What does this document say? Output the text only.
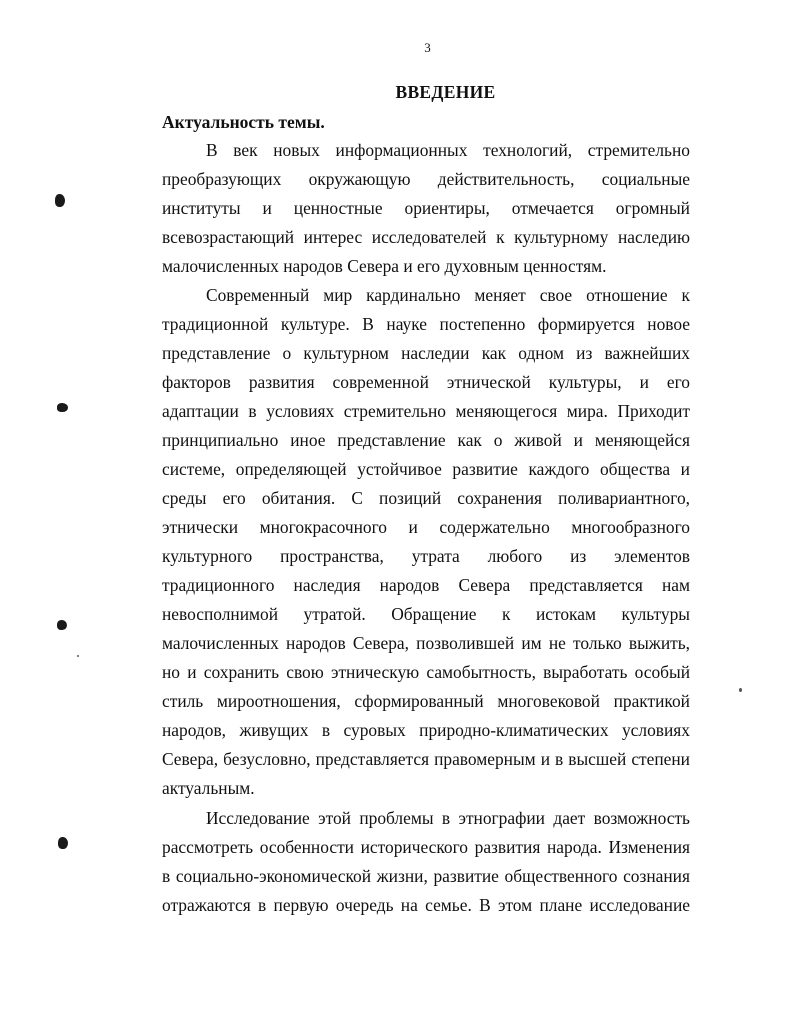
3
ВВЕДЕНИЕ
Актуальность темы.
В век новых информационных технологий, стремительно
преобразующих окружающую действительность, социальные
институты и ценностные ориентиры, отмечается огромный
всевозрастающий интерес исследователей к культурному наследию
малочисленных народов Севера и его духовным ценностям.
Современный мир кардинально меняет свое отношение к
традиционной культуре. В науке постепенно формируется новое
представление о культурном наследии как одном из важнейших
факторов развития современной этнической культуры, и его
адаптации в условиях стремительно меняющегося мира. Приходит
принципиально иное представление как о живой и меняющейся
системе, определяющей устойчивое развитие каждого общества и
среды его обитания. С позиций сохранения поливариантного,
этнически многокрасочного и содержательно многообразного
культурного пространства, утрата любого из элементов
традиционного наследия народов Севера представляется нам
невосполнимой утратой. Обращение к истокам культуры
малочисленных народов Севера, позволившей им не только выжить,
но и сохранить свою этническую самобытность, выработать особый
стиль мироотношения, сформированный многовековой практикой
народов, живущих в суровых природно-климатических условиях
Севера, безусловно, представляется правомерным и в высшей степени
актуальным.
Исследование этой проблемы в этнографии дает возможность
рассмотреть особенности исторического развития народа. Изменения
в социально-экономической жизни, развитие общественного сознания
отражаются в первую очередь на семье. В этом плане исследование
